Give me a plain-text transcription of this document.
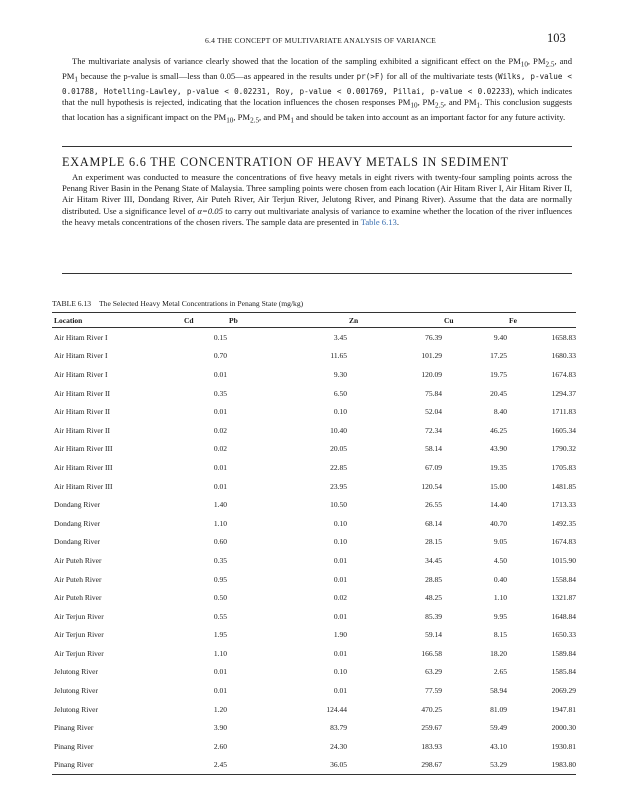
6.4 THE CONCEPT OF MULTIVARIATE ANALYSIS OF VARIANCE	103

The multivariate analysis of variance clearly showed that the location of the sampling exhibited a significant effect on the $PM_{10}$, $PM_{2.5}$, and $PM_1$ because the p-value is small—less than 0.05—as appeared in the results under pr(>F) for all of the multivariate tests (Wilks, p-value < 0.01788, Hotelling-Lawley, p-value < 0.02231, Roy, p-value < 0.001769, Pillai, p-value < 0.02233), which indicates that the null hypothesis is rejected, indicating that the location influences the chosen responses $PM_{10}$, $PM_{2.5}$, and $PM_1$. This conclusion suggests that location has a significant impact on the $PM_{10}$, $PM_{2.5}$, and $PM_1$ and should be taken into account as an important factor for any future activity.

EXAMPLE 6.6 THE CONCENTRATION OF HEAVY METALS IN SEDIMENT

An experiment was conducted to measure the concentrations of five heavy metals in eight rivers with twenty-four sampling points across the Penang River Basin in the Penang State of Malaysia. Three sampling points were chosen from each location (Air Hitam River I, Air Hitam River II, Air Hitam River III, Dondang River, Air Puteh River, Air Terjun River, Jelutong River, and Pinang River). Assume that the data are normally distributed. Use a significance level of α=0.05 to carry out multivariate analysis of variance to examine whether the location of the river influences the heavy metals concentrations of the chosen rivers. The sample data are presented in Table 6.13.

TABLE 6.13 The Selected Heavy Metal Concentrations in Penang State (mg/kg)
Location	Cd	Pb	Zn	Cu	Fe
Air Hitam River I	0.15	3.45	76.39	9.40	1658.83
Air Hitam River I	0.70	11.65	101.29	17.25	1680.33
Air Hitam River I	0.01	9.30	120.09	19.75	1674.83
Air Hitam River II	0.35	6.50	75.84	20.45	1294.37
Air Hitam River II	0.01	0.10	52.04	8.40	1711.83
Air Hitam River II	0.02	10.40	72.34	46.25	1605.34
Air Hitam River III	0.02	20.05	58.14	43.90	1790.32
Air Hitam River III	0.01	22.85	67.09	19.35	1705.83
Air Hitam River III	0.01	23.95	120.54	15.00	1481.85
Dondang River	1.40	10.50	26.55	14.40	1713.33
Dondang River	1.10	0.10	68.14	40.70	1492.35
Dondang River	0.60	0.10	28.15	9.05	1674.83
Air Puteh River	0.35	0.01	34.45	4.50	1015.90
Air Puteh River	0.95	0.01	28.85	0.40	1558.84
Air Puteh River	0.50	0.02	48.25	1.10	1321.87
Air Terjun River	0.55	0.01	85.39	9.95	1648.84
Air Terjun River	1.95	1.90	59.14	8.15	1650.33
Air Terjun River	1.10	0.01	166.58	18.20	1589.84
Jelutong River	0.01	0.10	63.29	2.65	1585.84
Jelutong River	0.01	0.01	77.59	58.94	2069.29
Jelutong River	1.20	124.44	470.25	81.09	1947.81
Pinang River	3.90	83.79	259.67	59.49	2000.30
Pinang River	2.60	24.30	183.93	43.10	1930.81
Pinang River	2.45	36.05	298.67	53.29	1983.80
